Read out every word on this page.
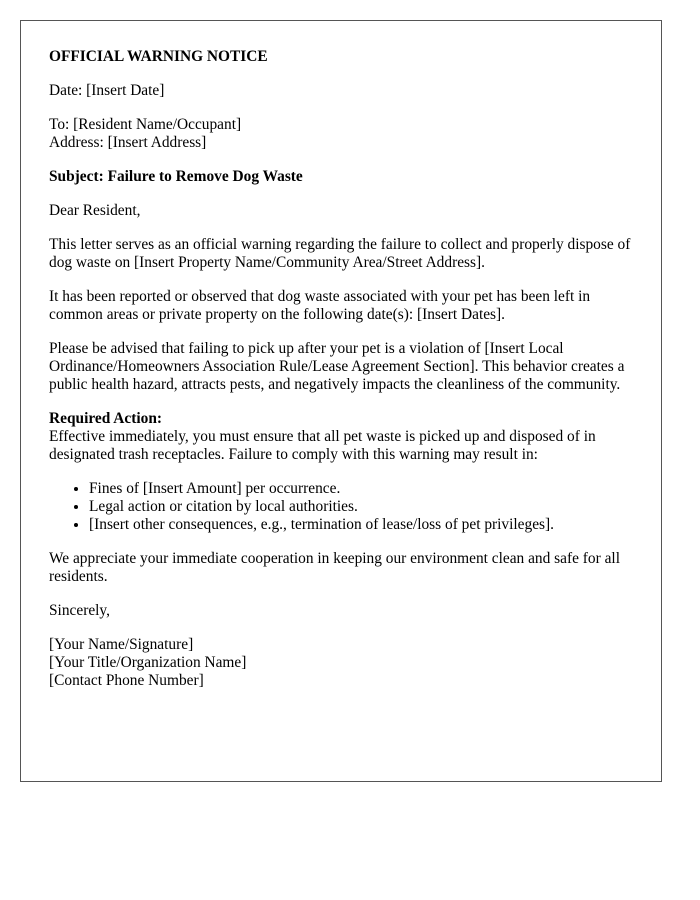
OFFICIAL WARNING NOTICE

Date: [Insert Date]

To: [Resident Name/Occupant]
Address: [Insert Address]

Subject: Failure to Remove Dog Waste

Dear Resident,

This letter serves as an official warning regarding the failure to collect and properly dispose of dog waste on [Insert Property Name/Community Area/Street Address].

It has been reported or observed that dog waste associated with your pet has been left in common areas or private property on the following date(s): [Insert Dates].

Please be advised that failing to pick up after your pet is a violation of [Insert Local Ordinance/Homeowners Association Rule/Lease Agreement Section]. This behavior creates a public health hazard, attracts pests, and negatively impacts the cleanliness of the community.

Required Action:
Effective immediately, you must ensure that all pet waste is picked up and disposed of in designated trash receptacles. Failure to comply with this warning may result in:

• Fines of [Insert Amount] per occurrence.
• Legal action or citation by local authorities.
• [Insert other consequences, e.g., termination of lease/loss of pet privileges].

We appreciate your immediate cooperation in keeping our environment clean and safe for all residents.

Sincerely,

[Your Name/Signature]
[Your Title/Organization Name]
[Contact Phone Number]
